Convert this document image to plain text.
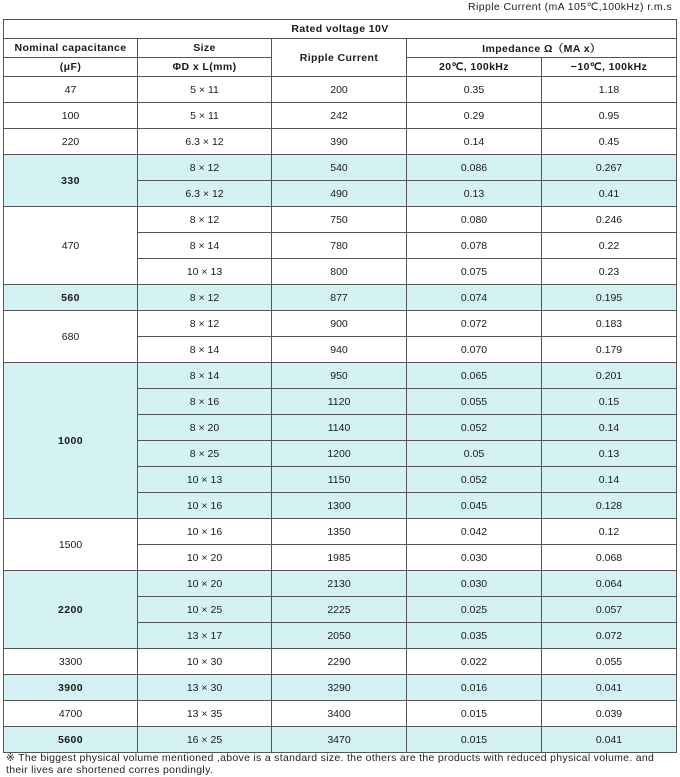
Ripple Current (mA 105℃,100kHz) r.m.s
Rated voltage 10V				
Nominal capacitance	Size	Ripple Current	Impedance Ω（MA x）	
(μF)	ΦD x L(mm)		20℃, 100kHz	−10℃, 100kHz
47	5 × 11	200	0.35	1.18
100	5 × 11	242	0.29	0.95
220	6.3 × 12	390	0.14	0.45
330	8 × 12	540	0.086	0.267
	6.3 × 12	490	0.13	0.41
470	8 × 12	750	0.080	0.246
	8 × 14	780	0.078	0.22
	10 × 13	800	0.075	0.23
560	8 × 12	877	0.074	0.195
680	8 × 12	900	0.072	0.183
	8 × 14	940	0.070	0.179
1000	8 × 14	950	0.065	0.201
	8 × 16	1120	0.055	0.15
	8 × 20	1140	0.052	0.14
	8 × 25	1200	0.05	0.13
	10 × 13	1150	0.052	0.14
	10 × 16	1300	0.045	0.128
1500	10 × 16	1350	0.042	0.12
	10 × 20	1985	0.030	0.068
2200	10 × 20	2130	0.030	0.064
	10 × 25	2225	0.025	0.057
	13 × 17	2050	0.035	0.072
3300	10 × 30	2290	0.022	0.055
3900	13 × 30	3290	0.016	0.041
4700	13 × 35	3400	0.015	0.039
5600	16 × 25	3470	0.015	0.041
※ The biggest physical volume mentioned ,above is a standard size. the others are the products with reduced physical volume. and their lives are shortened corres pondingly.
